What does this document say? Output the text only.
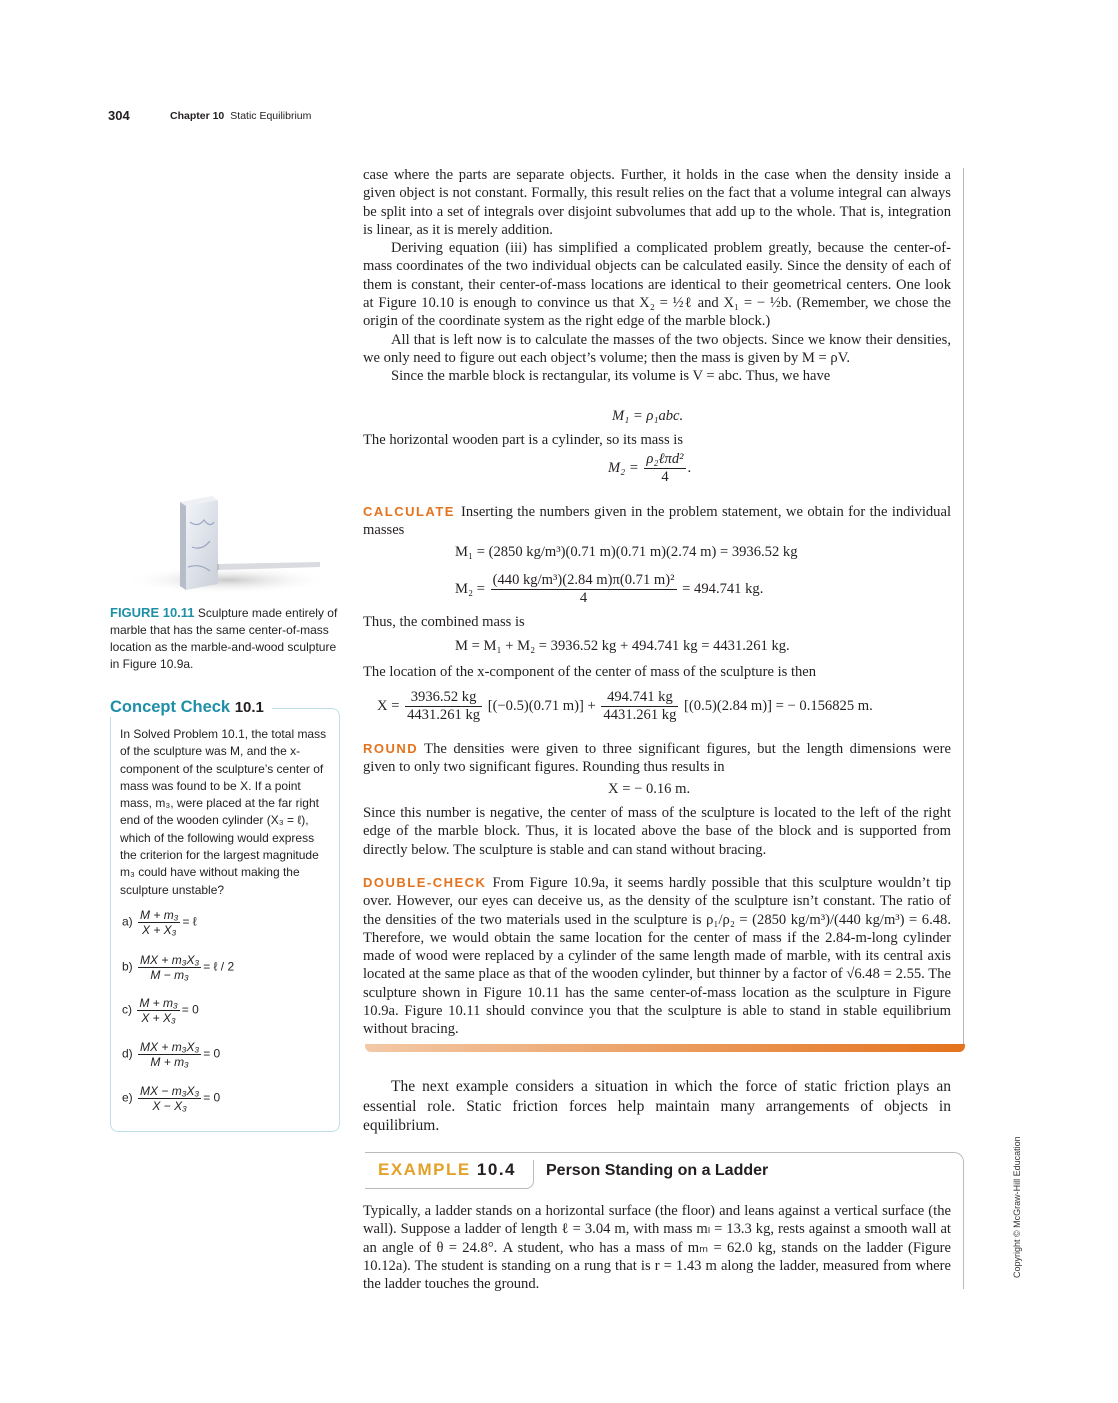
304	Chapter 10 Static Equilibrium

case where the parts are separate objects. Further, it holds in the case when the density inside a given object is not constant. Formally, this result relies on the fact that a volume integral can always be split into a set of integrals over disjoint subvolumes that add up to the whole. That is, integration is linear, as it is merely addition.

Deriving equation (iii) has simplified a complicated problem greatly, because the center-of-mass coordinates of the two individual objects can be calculated easily. Since the density of each of them is constant, their center-of-mass locations are identical to their geometrical centers. One look at Figure 10.10 is enough to convince us that X₂ = ½ℓ and X₁ = − ½b. (Remember, we chose the origin of the coordinate system as the right edge of the marble block.)

All that is left now is to calculate the masses of the two objects. Since we know their densities, we only need to figure out each object’s volume; then the mass is given by M = ρV.

Since the marble block is rectangular, its volume is V = abc. Thus, we have

M₁ = ρ₁abc.
The horizontal wooden part is a cylinder, so its mass is
$M_2 = \frac{\text{ρ₂ℓπd²}}{4}$ .
CALCULATE Inserting the numbers given in the problem statement, we obtain for the individual masses
M₁ = (2850 kg/m³)(0.71 m)(0.71 m)(2.74 m) = 3936.52 kg
$M_2 = \frac{\text{(440 kg/m³)(2.84 m)π(0.71 m)²}}{4} = 494.741$ kg.
Thus, the combined mass is
M = M₁ + M₂ = 3936.52 kg + 494.741 kg = 4431.261 kg.
The location of the x-component of the center of mass of the sculpture is then
$X = \frac{3936.52 kg}{4431.261 kg} [(-0.5)(0.71$ $m)] + \frac{494.741 kg}{4431.261 kg} [(0.5)(2.84$ m)] = − 0.156825 m.
ROUND The densities were given to three significant figures, but the length dimensions were given to only two significant figures. Rounding thus results in
X = − 0.16 m.
Since this number is negative, the center of mass of the sculpture is located to the left of the right edge of the marble block. Thus, it is located above the base of the block and is supported from directly below. The sculpture is stable and can stand without bracing.
DOUBLE-CHECK From Figure 10.9a, it seems hardly possible that this sculpture wouldn’t tip over. However, our eyes can deceive us, as the density of the sculpture isn’t constant. The ratio of the densities of the two materials used in the sculpture is ρ₁/ρ₂ = (2850 kg/m³)/(440 kg/m³) = 6.48. Therefore, we would obtain the same location for the center of mass if the 2.84-m-long cylinder made of wood were replaced by a cylinder of the same length made of marble, with its central axis located at the same place as that of the wooden cylinder, but thinner by a factor of √6.48 = 2.55. The sculpture shown in Figure 10.11 has the same center-of-mass location as the sculpture in Figure 10.9a. Figure 10.11 should convince you that the sculpture is able to stand in stable equilibrium without bracing.
The next example considers a situation in which the force of static friction plays an essential role. Static friction forces help maintain many arrangements of objects in equilibrium.
EXAMPLE 10.4 Person Standing on a Ladder
Typically, a ladder stands on a horizontal surface (the floor) and leans against a vertical surface (the wall). Suppose a ladder of length ℓ = 3.04 m, with mass mₗ = 13.3 kg, rests against a smooth wall at an angle of θ = 24.8°. A student, who has a mass of mₘ = 62.0 kg, stands on the ladder (Figure 10.12a). The student is standing on a rung that is r = 1.43 m along the ladder, measured from where the ladder touches the ground.
FIGURE 10.11 Sculpture made entirely of marble that has the same center-of-mass location as the marble-and-wood sculpture in Figure 10.9a.
Concept Check 10.1
In Solved Problem 10.1, the total mass of the sculpture was M, and the x-component of the sculpture’s center of mass was found to be X. If a point mass, m₃, were placed at the far right end of the wooden cylinder (X₃ = ℓ), which of the following would express the criterion for the largest magnitude m₃ could have without making the sculpture unstable?
$a) \frac{\text{M + m₃}}{\text{X + X₃}}$ = ℓ
$b) \frac{\text{MX + m₃X₃}}{\text{M − m₃}}$ = ℓ / 2
$c) \frac{\text{M + m₃}}{\text{X + X₃}} = 0$
$d) \frac{\text{MX + m₃X₃}}{\text{M + m₃}} = 0$
$e) \frac{\text{MX − m₃X₃}}{\text{X − X₃}} = 0$
Copyright © McGraw-Hill Education
